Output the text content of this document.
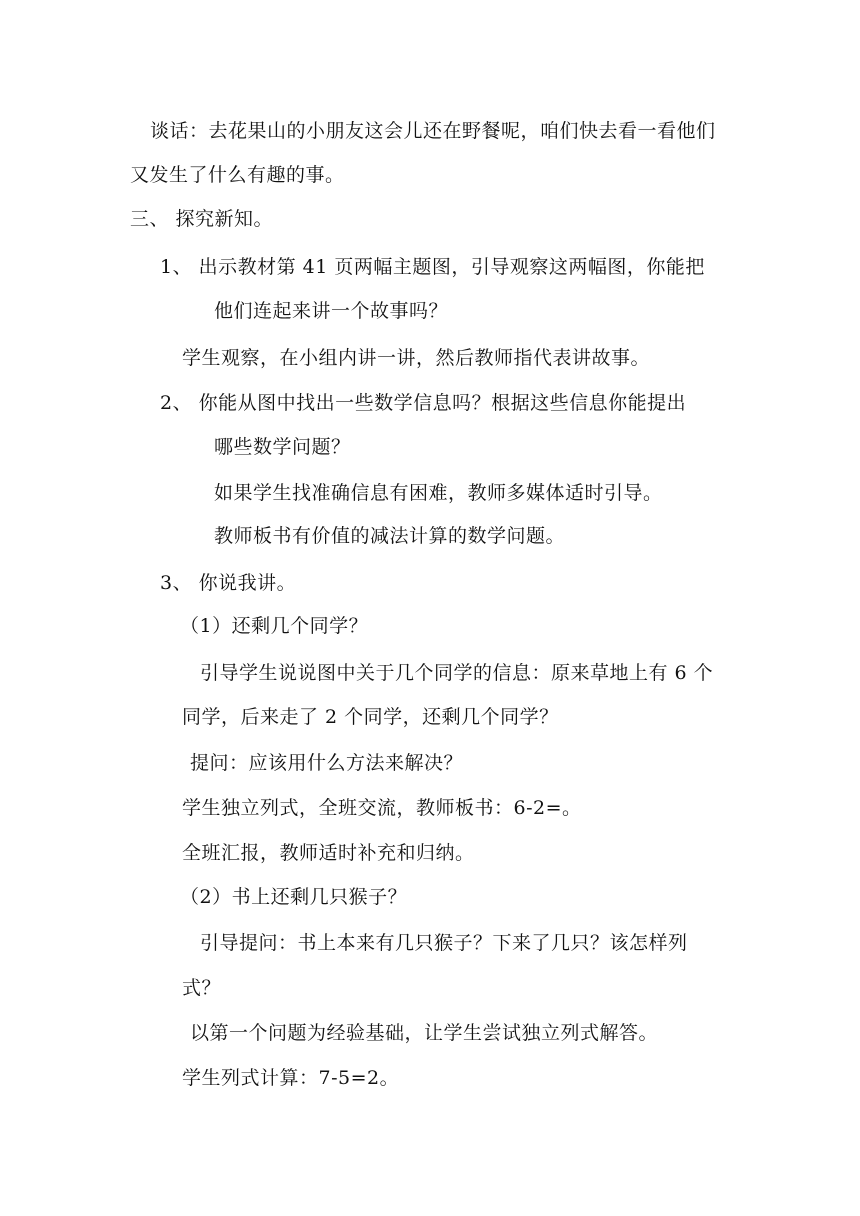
谈话：去花果山的小朋友这会儿还在野餐呢，咱们快去看一看他们
又发生了什么有趣的事。
三、 探究新知。
1、 出示教材第 41 页两幅主题图，引导观察这两幅图，你能把
他们连起来讲一个故事吗？
学生观察，在小组内讲一讲，然后教师指代表讲故事。
2、 你能从图中找出一些数学信息吗？根据这些信息你能提出
哪些数学问题？
如果学生找准确信息有困难，教师多媒体适时引导。
教师板书有价值的减法计算的数学问题。
3、 你说我讲。
（1）还剩几个同学？
引导学生说说图中关于几个同学的信息：原来草地上有 6 个
同学，后来走了 2 个同学，还剩几个同学？
提问：应该用什么方法来解决？
学生独立列式，全班交流，教师板书：6-2=。
全班汇报，教师适时补充和归纳。
（2）书上还剩几只猴子？
引导提问：书上本来有几只猴子？下来了几只？该怎样列
式？
以第一个问题为经验基础，让学生尝试独立列式解答。
学生列式计算：7-5=2。
